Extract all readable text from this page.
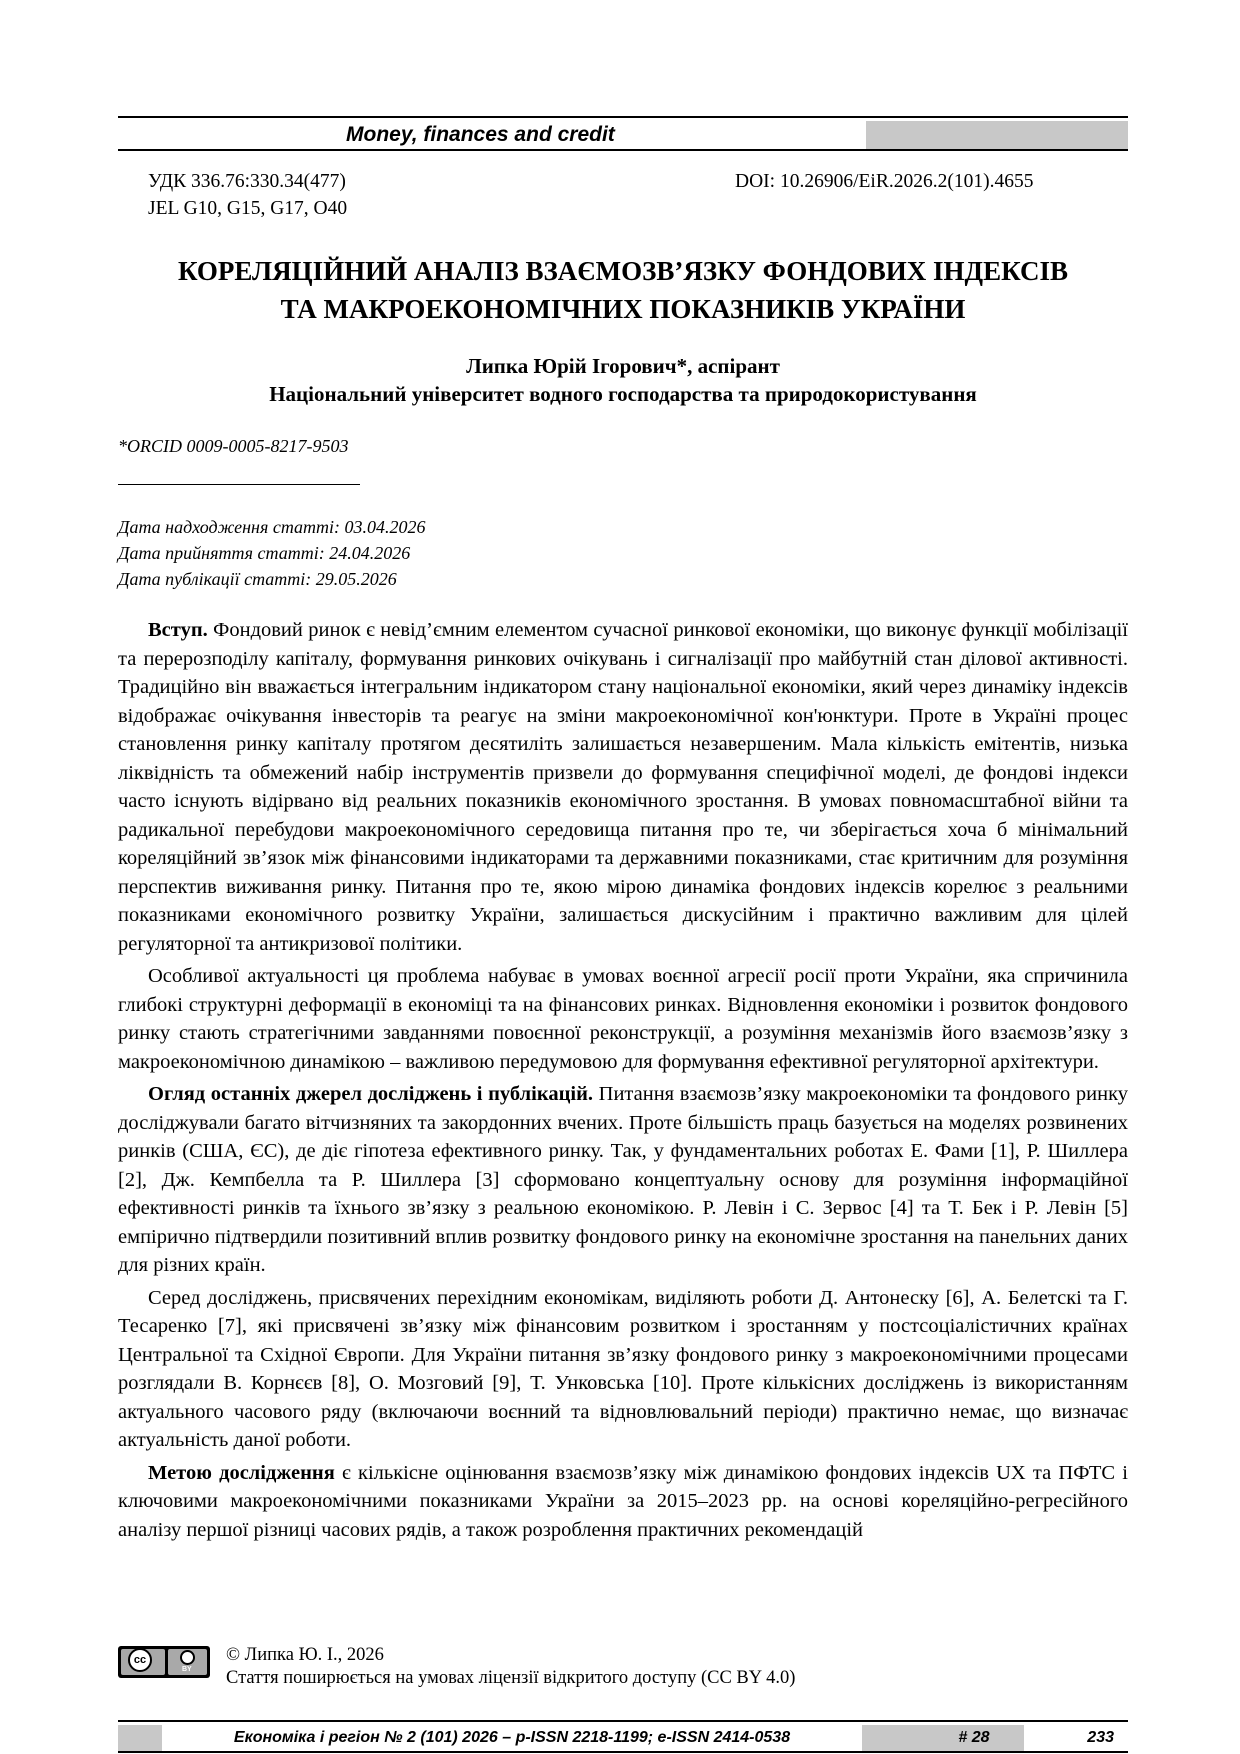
Money, finances and credit
УДК 336.76:330.34(477)
JEL G10, G15, G17, O40
DOI: 10.26906/EiR.2026.2(101).4655
КОРЕЛЯЦІЙНИЙ АНАЛІЗ ВЗАЄМОЗВ’ЯЗКУ ФОНДОВИХ ІНДЕКСІВ
ТА МАКРОЕКОНОМІЧНИХ ПОКАЗНИКІВ УКРАЇНИ
Липка Юрій Ігорович*, аспірант
Національний університет водного господарства та природокористування
*ORCID 0009-0005-8217-9503
Дата надходження статті: 03.04.2026
Дата прийняття статті: 24.04.2026
Дата публікації статті: 29.05.2026

Вступ. Фондовий ринок є невід’ємним елементом сучасної ринкової економіки, що виконує функції мобілізації та перерозподілу капіталу, формування ринкових очікувань і сигналізації про майбутній стан ділової активності. Традиційно він вважається інтегральним індикатором стану національної економіки, який через динаміку індексів відображає очікування інвесторів та реагує на зміни макроекономічної кон'юнктури. Проте в Україні процес становлення ринку капіталу протягом десятиліть залишається незавершеним. Мала кількість емітентів, низька ліквідність та обмежений набір інструментів призвели до формування специфічної моделі, де фондові індекси часто існують відірвано від реальних показників економічного зростання. В умовах повномасштабної війни та радикальної перебудови макроекономічного середовища питання про те, чи зберігається хоча б мінімальний кореляційний зв’язок між фінансовими індикаторами та державними показниками, стає критичним для розуміння перспектив виживання ринку. Питання про те, якою мірою динаміка фондових індексів корелює з реальними показниками економічного розвитку України, залишається дискусійним і практично важливим для цілей регуляторної та антикризової політики.

Особливої актуальності ця проблема набуває в умовах воєнної агресії росії проти України, яка спричинила глибокі структурні деформації в економіці та на фінансових ринках. Відновлення економіки і розвиток фондового ринку стають стратегічними завданнями повоєнної реконструкції, а розуміння механізмів його взаємозв’язку з макроекономічною динамікою – важливою передумовою для формування ефективної регуляторної архітектури.

Огляд останніх джерел досліджень і публікацій. Питання взаємозв’язку макроекономіки та фондового ринку досліджували багато вітчизняних та закордонних вчених. Проте більшість праць базується на моделях розвинених ринків (США, ЄС), де діє гіпотеза ефективного ринку. Так, у фундаментальних роботах Е. Фами [1], Р. Шиллера [2], Дж. Кемпбелла та Р. Шиллера [3] сформовано концептуальну основу для розуміння інформаційної ефективності ринків та їхнього зв’язку з реальною економікою. Р. Левін і С. Зервос [4] та Т. Бек і Р. Левін [5] емпірично підтвердили позитивний вплив розвитку фондового ринку на економічне зростання на панельних даних для різних країн.

Серед досліджень, присвячених перехідним економікам, виділяють роботи Д. Антонеску [6], А. Белетскі та Г. Тесаренко [7], які присвячені зв’язку між фінансовим розвитком і зростанням у постсоціалістичних країнах Центральної та Східної Європи. Для України питання зв’язку фондового ринку з макроекономічними процесами розглядали В. Корнєєв [8], О. Мозговий [9], Т. Унковська [10]. Проте кількісних досліджень із використанням актуального часового ряду (включаючи воєнний та відновлювальний періоди) практично немає, що визначає актуальність даної роботи.

Метою дослідження є кількісне оцінювання взаємозв’язку між динамікою фондових індексів UX та ПФТС і ключовими макроекономічними показниками України за 2015–2023 рр. на основі кореляційно-регресійного аналізу першої різниці часових рядів, а також розроблення практичних рекомендацій

cc
BY
© Липка Ю. І., 2026
Стаття поширюється на умовах ліцензії відкритого доступу (CC BY 4.0)
Економіка і регіон № 2 (101) 2026 – p-ISSN 2218-1199; e-ISSN 2414-0538	# 28	233
